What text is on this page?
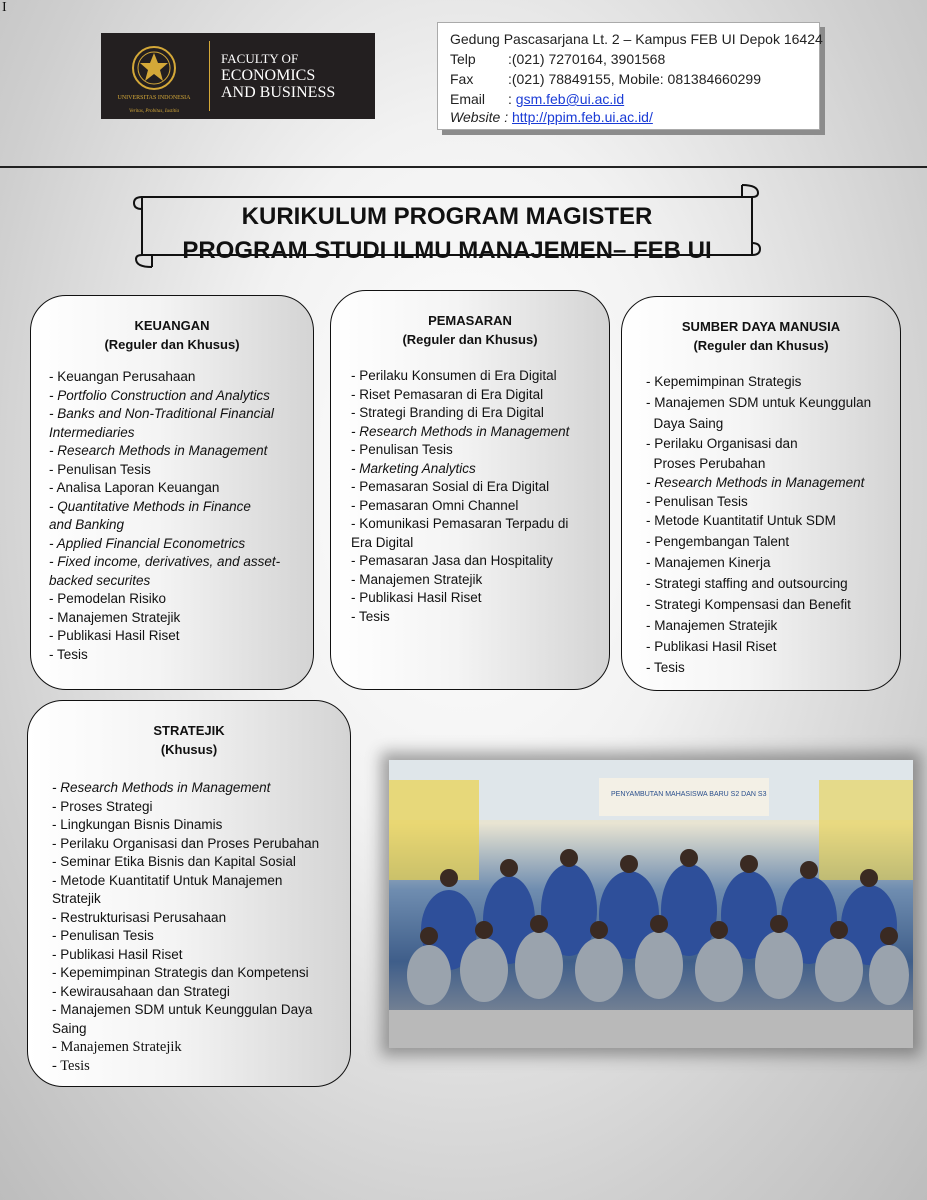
I
UNIVERSITAS INDONESIA
Veritas, Probitas, Iustitia
FACULTY OF
ECONOMICS
AND BUSINESS
Gedung Pascasarjana Lt. 2 – Kampus FEB UI Depok 16424
Telp :(021) 7270164, 3901568
Fax :(021) 78849155, Mobile: 081384660299
Email : gsm.feb@ui.ac.id
Website : http://ppim.feb.ui.ac.id/
KURIKULUM PROGRAM MAGISTER
PROGRAM STUDI ILMU MANAJEMEN– FEB UI
KEUANGAN
(Reguler dan Khusus)
- Keuangan Perusahaan
- Portfolio Construction and Analytics
- Banks and Non-Traditional Financial
Intermediaries
- Research Methods in Management
- Penulisan Tesis
- Analisa Laporan Keuangan
- Quantitative Methods in Finance
and Banking
- Applied Financial Econometrics
- Fixed income, derivatives, and asset-
backed securites
- Pemodelan Risiko
- Manajemen Stratejik
- Publikasi Hasil Riset
- Tesis
PEMASARAN
(Reguler dan Khusus)
- Perilaku Konsumen di Era Digital
- Riset Pemasaran di Era Digital
- Strategi Branding di Era Digital
- Research Methods in Management
- Penulisan Tesis
- Marketing Analytics
- Pemasaran Sosial di Era Digital
- Pemasaran Omni Channel
- Komunikasi Pemasaran Terpadu di
Era Digital
- Pemasaran Jasa dan Hospitality
- Manajemen Stratejik
- Publikasi Hasil Riset
- Tesis
SUMBER DAYA MANUSIA
(Reguler dan Khusus)
- Kepemimpinan Strategis
- Manajemen SDM untuk Keunggulan
Daya Saing
- Perilaku Organisasi dan
Proses Perubahan
- Research Methods in Management
- Penulisan Tesis
- Metode Kuantitatif Untuk SDM
- Pengembangan Talent
- Manajemen Kinerja
- Strategi staffing and outsourcing
- Strategi Kompensasi dan Benefit
- Manajemen Stratejik
- Publikasi Hasil Riset
- Tesis
STRATEJIK
(Khusus)
- Research Methods in Management
- Proses Strategi
- Lingkungan Bisnis Dinamis
- Perilaku Organisasi dan Proses Perubahan
- Seminar Etika Bisnis dan Kapital Sosial
- Metode Kuantitatif Untuk Manajemen
Stratejik
- Restrukturisasi Perusahaan
- Penulisan Tesis
- Publikasi Hasil Riset
- Kepemimpinan Strategis dan Kompetensi
- Kewirausahaan dan Strategi
- Manajemen SDM untuk Keunggulan Daya
Saing
- Manajemen Stratejik
- Tesis
PENYAMBUTAN MAHASISWA BARU S2 DAN S3
